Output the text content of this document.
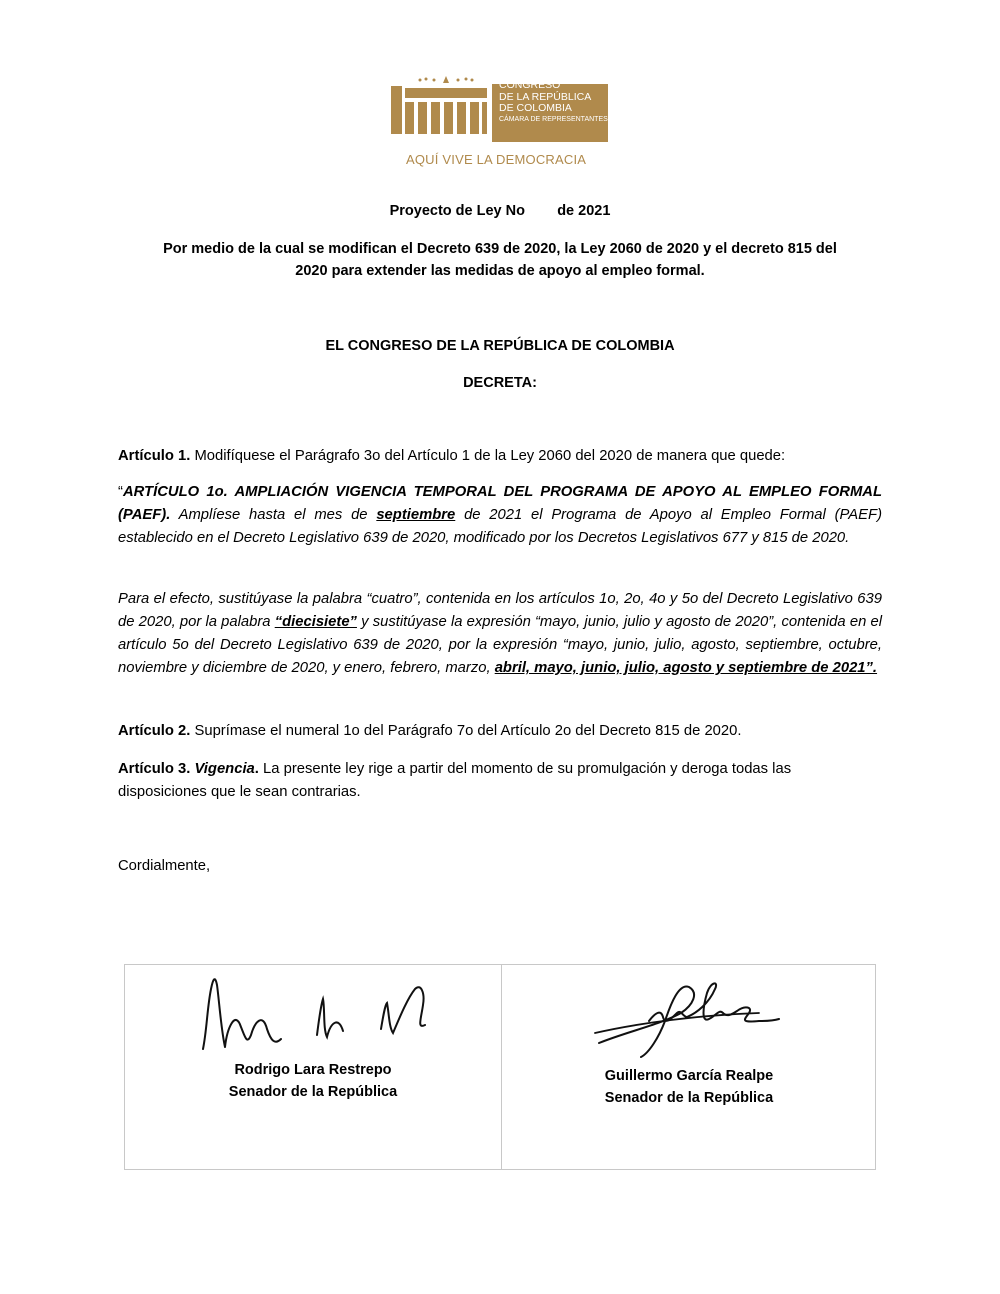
CONGRESO
DE LA REPÚBLICA
DE COLOMBIA
CÁMARA DE REPRESENTANTES
AQUÍ VIVE LA DEMOCRACIA
Proyecto de Ley No        de 2021
Por medio de la cual se modifican el Decreto 639 de 2020, la Ley 2060 de 2020 y el decreto 815 del
2020 para extender las medidas de apoyo al empleo formal.
EL CONGRESO DE LA REPÚBLICA DE COLOMBIA
DECRETA:
Artículo 1. Modifíquese el Parágrafo 3o del Artículo 1 de la Ley 2060 del 2020 de manera que quede:
“ARTÍCULO 1o. AMPLIACIÓN VIGENCIA TEMPORAL DEL PROGRAMA DE APOYO AL EMPLEO FORMAL (PAEF). Amplíese hasta el mes de septiembre de 2021 el Programa de Apoyo al Empleo Formal (PAEF) establecido en el Decreto Legislativo 639 de 2020, modificado por los Decretos Legislativos 677 y 815 de 2020.
Para el efecto, sustitúyase la palabra “cuatro”, contenida en los artículos 1o, 2o, 4o y 5o del Decreto Legislativo 639 de 2020, por la palabra “diecisiete” y sustitúyase la expresión “mayo, junio, julio y agosto de 2020”, contenida en el artículo 5o del Decreto Legislativo 639 de 2020, por la expresión “mayo, junio, julio, agosto, septiembre, octubre, noviembre y diciembre de 2020, y enero, febrero, marzo, abril, mayo, junio, julio, agosto y septiembre de 2021”.
Artículo 2. Suprímase el numeral 1o del Parágrafo 7o del Artículo 2o del Decreto 815 de 2020.
Artículo 3. Vigencia. La presente ley rige a partir del momento de su promulgación y deroga todas las disposiciones que le sean contrarias.
Cordialmente,
Rodrigo Lara Restrepo
Senador de la República
Guillermo García Realpe
Senador de la República
